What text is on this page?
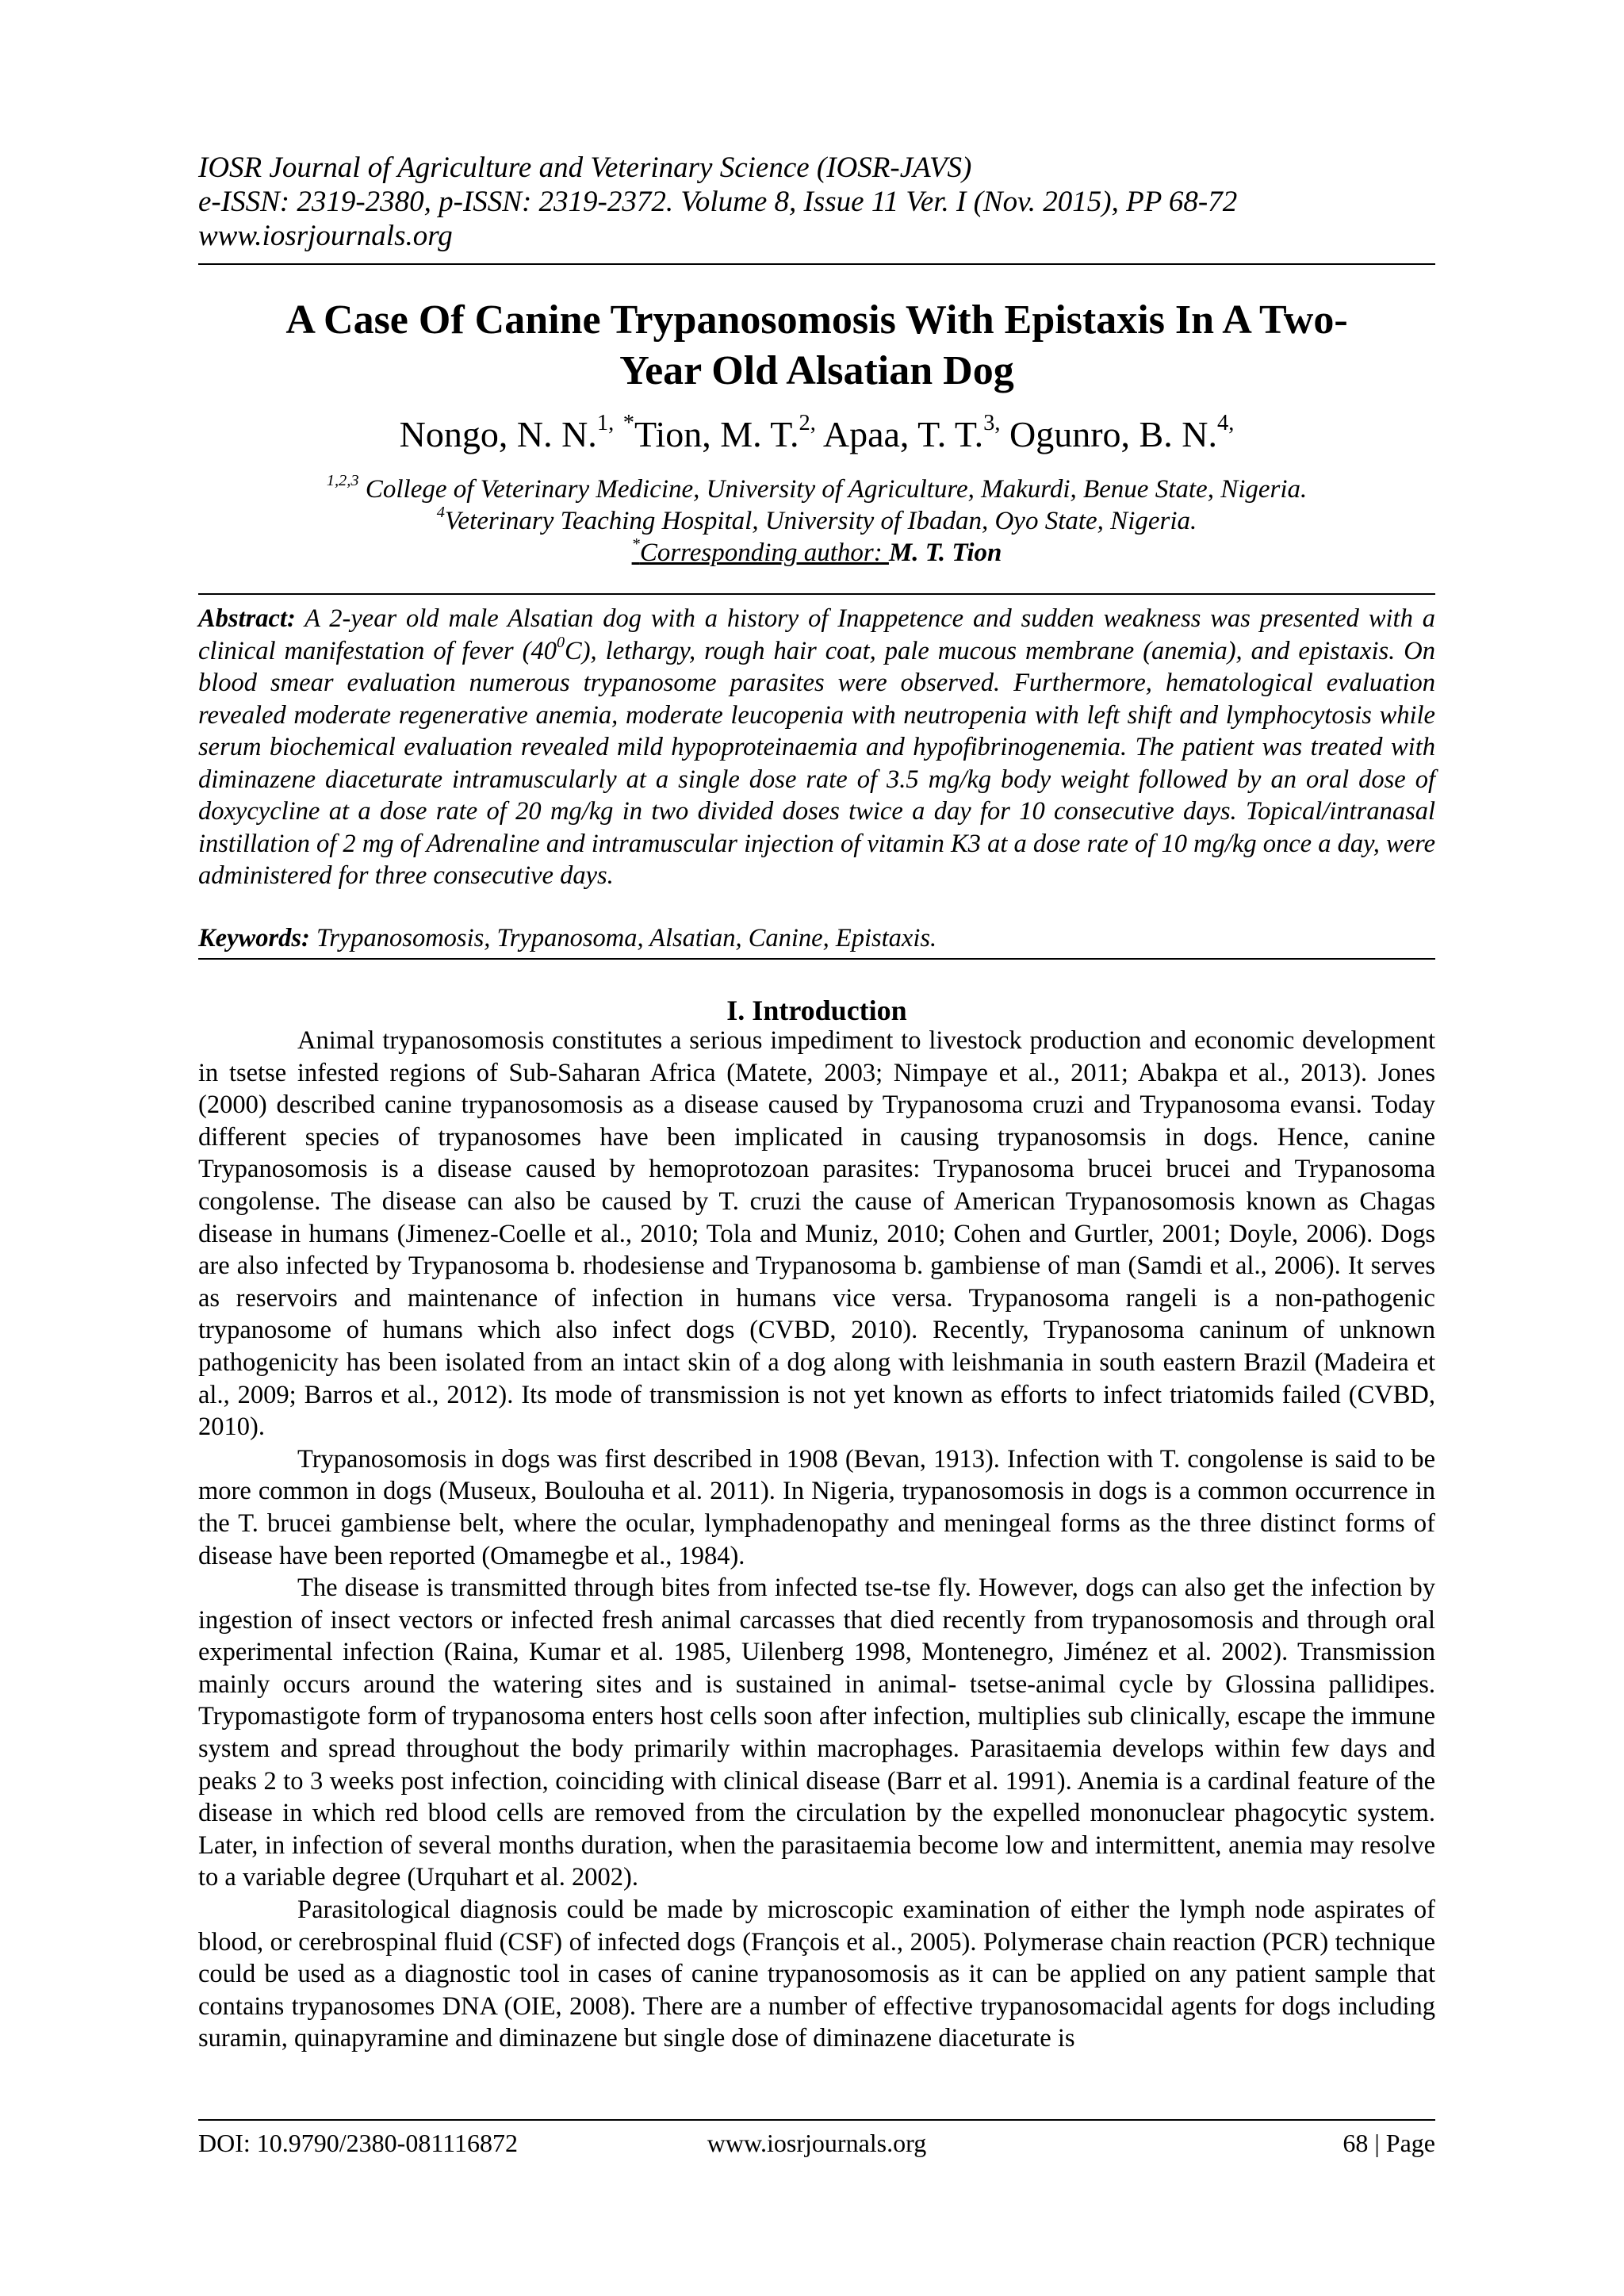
IOSR Journal of Agriculture and Veterinary Science (IOSR-JAVS)
e-ISSN: 2319-2380, p-ISSN: 2319-2372. Volume 8, Issue 11 Ver. I (Nov. 2015), PP 68-72
www.iosrjournals.org
A Case Of Canine Trypanosomosis With Epistaxis In A Two-
Year Old Alsatian Dog
Nongo, N. N.$^{1,}$ *Tion, M. T.$^{2,}$ Apaa, T. T.$^{3,}$ Ogunro, B. N.$^{4,}$
$^{1,2,3}$ College of Veterinary Medicine, University of Agriculture, Makurdi, Benue State, Nigeria.
$^4$Veterinary Teaching Hospital, University of Ibadan, Oyo State, Nigeria.
*Corresponding author: M. T. Tion
Abstract: A 2-year old male Alsatian dog with a history of Inappetence and sudden weakness was presented with a clinical manifestation of fever $(40^0C)$, lethargy, rough hair coat, pale mucous membrane (anemia), and epistaxis. On blood smear evaluation numerous trypanosome parasites were observed. Furthermore, hematological evaluation revealed moderate regenerative anemia, moderate leucopenia with neutropenia with left shift and lymphocytosis while serum biochemical evaluation revealed mild hypoproteinaemia and hypofibrinogenemia. The patient was treated with diminazene diaceturate intramuscularly at a single dose rate of 3.5 mg/kg body weight followed by an oral dose of doxycycline at a dose rate of 20 mg/kg in two divided doses twice a day for 10 consecutive days. Topical/intranasal instillation of 2 mg of Adrenaline and intramuscular injection of vitamin K3 at a dose rate of 10 mg/kg once a day, were administered for three consecutive days.
Keywords: Trypanosomosis, Trypanosoma, Alsatian, Canine, Epistaxis.
I. Introduction

Animal trypanosomosis constitutes a serious impediment to livestock production and economic development in tsetse infested regions of Sub-Saharan Africa (Matete, 2003; Nimpaye et al., 2011; Abakpa et al., 2013). Jones (2000) described canine trypanosomosis as a disease caused by Trypanosoma cruzi and Trypanosoma evansi. Today different species of trypanosomes have been implicated in causing trypanosomsis in dogs. Hence, canine Trypanosomosis is a disease caused by hemoprotozoan parasites: Trypanosoma brucei brucei and Trypanosoma congolense. The disease can also be caused by T. cruzi the cause of American Trypanosomosis known as Chagas disease in humans (Jimenez-Coelle et al., 2010; Tola and Muniz, 2010; Cohen and Gurtler, 2001; Doyle, 2006). Dogs are also infected by Trypanosoma b. rhodesiense and Trypanosoma b. gambiense of man (Samdi et al., 2006). It serves as reservoirs and maintenance of infection in humans vice versa. Trypanosoma rangeli is a non-pathogenic trypanosome of humans which also infect dogs (CVBD, 2010). Recently, Trypanosoma caninum of unknown pathogenicity has been isolated from an intact skin of a dog along with leishmania in south eastern Brazil (Madeira et al., 2009; Barros et al., 2012). Its mode of transmission is not yet known as efforts to infect triatomids failed (CVBD, 2010).

Trypanosomosis in dogs was first described in 1908 (Bevan, 1913). Infection with T. congolense is said to be more common in dogs (Museux, Boulouha et al. 2011). In Nigeria, trypanosomosis in dogs is a common occurrence in the T. brucei gambiense belt, where the ocular, lymphadenopathy and meningeal forms as the three distinct forms of disease have been reported (Omamegbe et al., 1984).

The disease is transmitted through bites from infected tse-tse fly. However, dogs can also get the infection by ingestion of insect vectors or infected fresh animal carcasses that died recently from trypanosomosis and through oral experimental infection (Raina, Kumar et al. 1985, Uilenberg 1998, Montenegro, Jiménez et al. 2002). Transmission mainly occurs around the watering sites and is sustained in animal- tsetse-animal cycle by Glossina pallidipes. Trypomastigote form of trypanosoma enters host cells soon after infection, multiplies sub clinically, escape the immune system and spread throughout the body primarily within macrophages. Parasitaemia develops within few days and peaks 2 to 3 weeks post infection, coinciding with clinical disease (Barr et al. 1991). Anemia is a cardinal feature of the disease in which red blood cells are removed from the circulation by the expelled mononuclear phagocytic system. Later, in infection of several months duration, when the parasitaemia become low and intermittent, anemia may resolve to a variable degree (Urquhart et al. 2002).

Parasitological diagnosis could be made by microscopic examination of either the lymph node aspirates of blood, or cerebrospinal fluid (CSF) of infected dogs (François et al., 2005). Polymerase chain reaction (PCR) technique could be used as a diagnostic tool in cases of canine trypanosomosis as it can be applied on any patient sample that contains trypanosomes DNA (OIE, 2008). There are a number of effective trypanosomacidal agents for dogs including suramin, quinapyramine and diminazene but single dose of diminazene diaceturate is

DOI: 10.9790/2380-081116872	www.iosrjournals.org	68 | Page
